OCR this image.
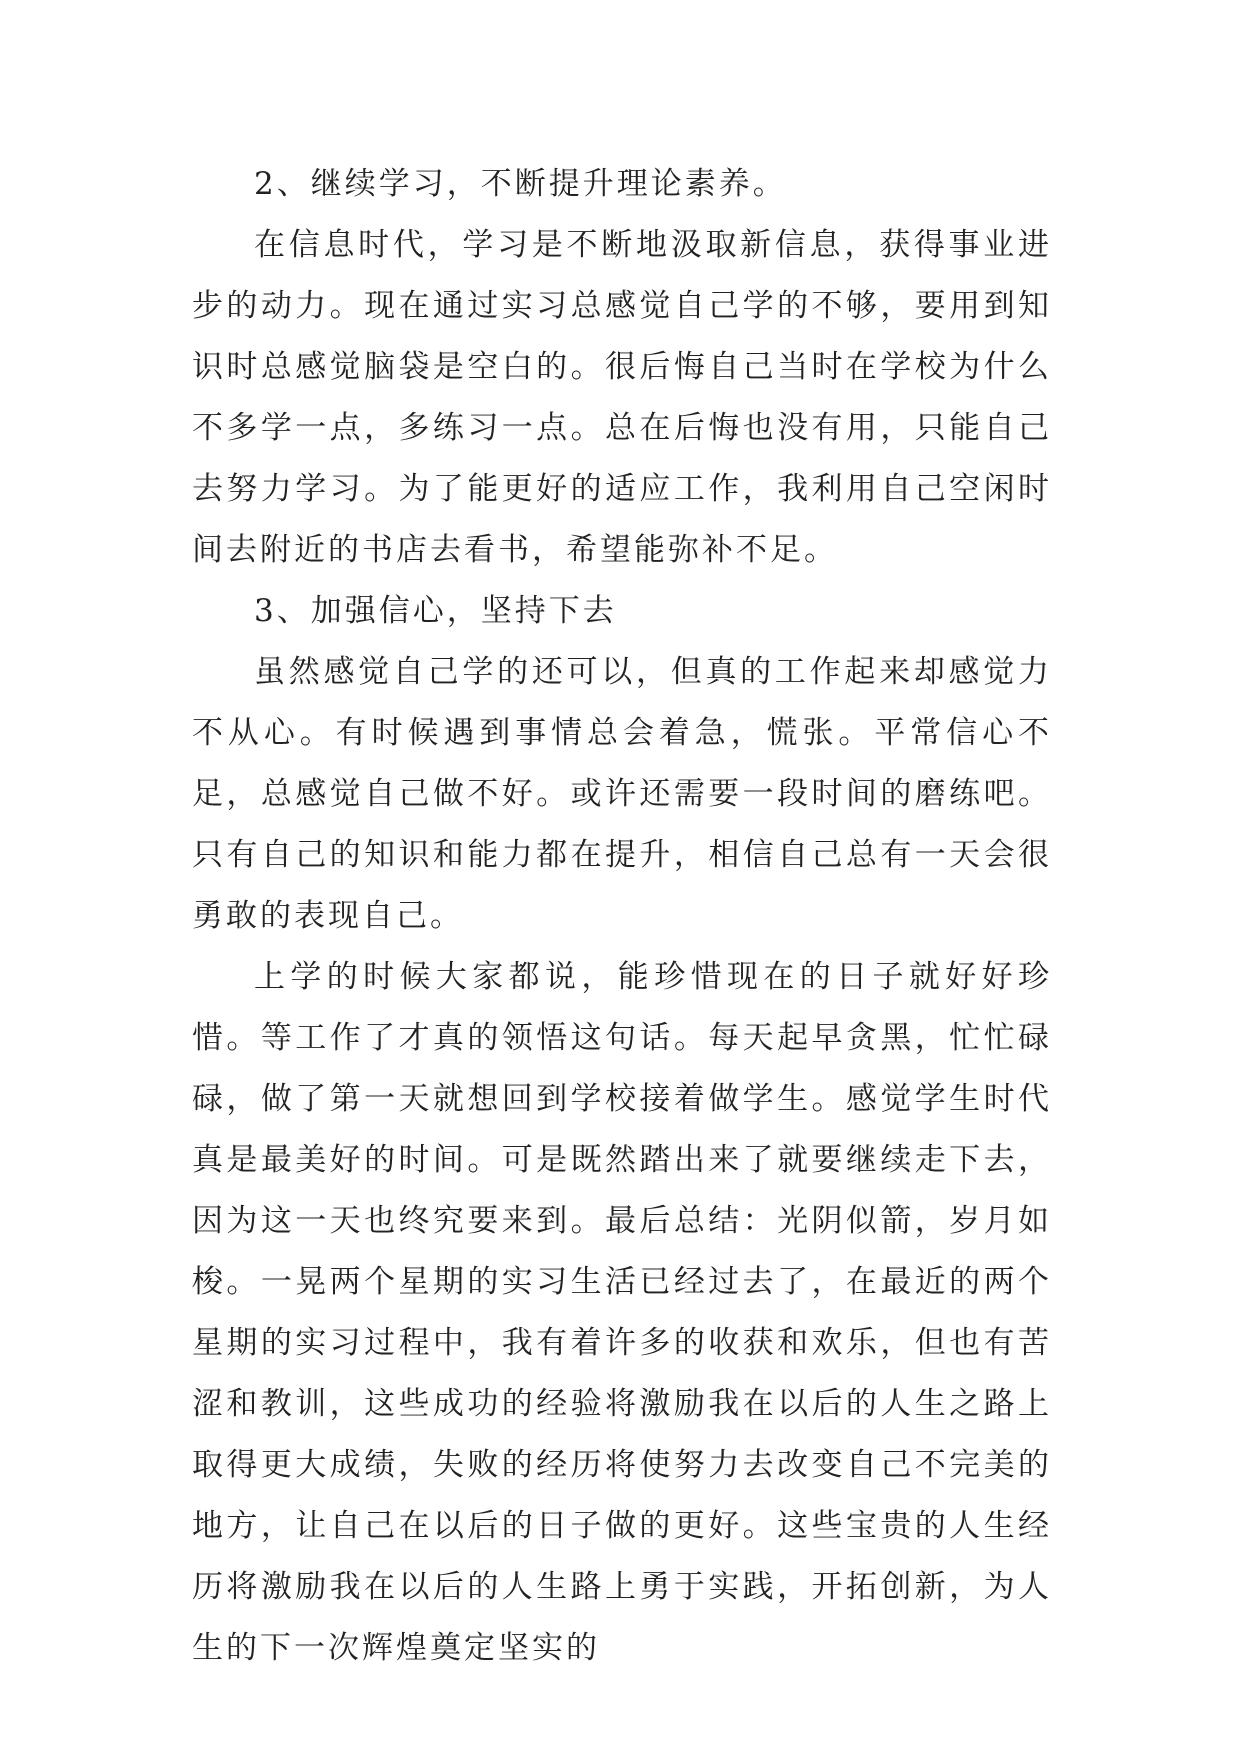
2、继续学习，不断提升理论素养。

在信息时代，学习是不断地汲取新信息，获得事业进步的动力。现在通过实习总感觉自己学的不够，要用到知识时总感觉脑袋是空白的。很后悔自己当时在学校为什么不多学一点，多练习一点。总在后悔也没有用，只能自己去努力学习。为了能更好的适应工作，我利用自己空闲时间去附近的书店去看书，希望能弥补不足。

3、加强信心，坚持下去

虽然感觉自己学的还可以，但真的工作起来却感觉力不从心。有时候遇到事情总会着急，慌张。平常信心不足，总感觉自己做不好。或许还需要一段时间的磨练吧。只有自己的知识和能力都在提升，相信自己总有一天会很勇敢的表现自己。

上学的时候大家都说，能珍惜现在的日子就好好珍惜。等工作了才真的领悟这句话。每天起早贪黑，忙忙碌碌，做了第一天就想回到学校接着做学生。感觉学生时代真是最美好的时间。可是既然踏出来了就要继续走下去，因为这一天也终究要来到。最后总结：光阴似箭，岁月如梭。一晃两个星期的实习生活已经过去了，在最近的两个星期的实习过程中，我有着许多的收获和欢乐，但也有苦涩和教训，这些成功的经验将激励我在以后的人生之路上取得更大成绩，失败的经历将使努力去改变自己不完美的地方，让自己在以后的日子做的更好。这些宝贵的人生经历将激励我在以后的人生路上勇于实践，开拓创新，为人生的下一次辉煌奠定坚实的
